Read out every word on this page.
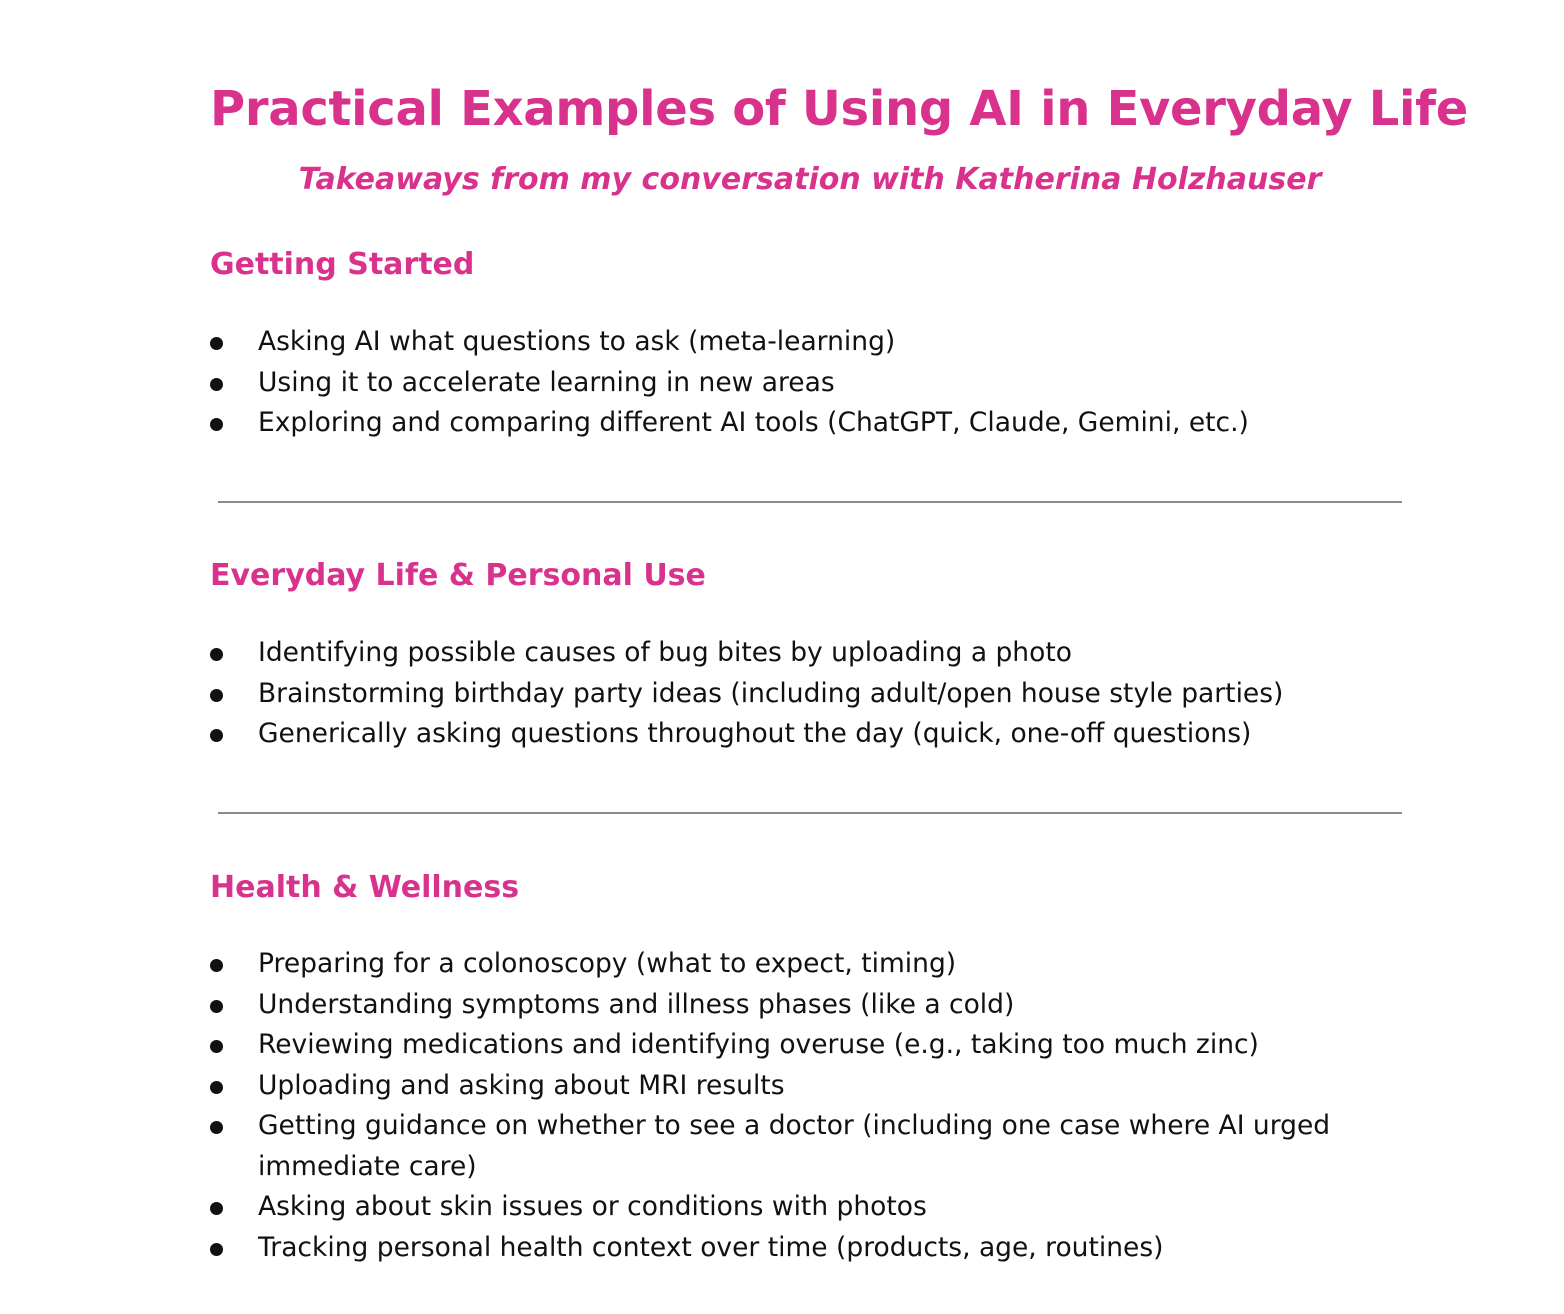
Practical Examples of Using AI in Everyday Life
Takeaways from my conversation with Katherina Holzhauser
Getting Started
Asking AI what questions to ask (meta-learning)
Using it to accelerate learning in new areas
Exploring and comparing different AI tools (ChatGPT, Claude, Gemini, etc.)
Everyday Life & Personal Use
Identifying possible causes of bug bites by uploading a photo
Brainstorming birthday party ideas (including adult/open house style parties)
Generically asking questions throughout the day (quick, one-off questions)
Health & Wellness
Preparing for a colonoscopy (what to expect, timing)
Understanding symptoms and illness phases (like a cold)
Reviewing medications and identifying overuse (e.g., taking too much zinc)
Uploading and asking about MRI results
Getting guidance on whether to see a doctor (including one case where AI urged immediate care)
Asking about skin issues or conditions with photos
Tracking personal health context over time (products, age, routines)
